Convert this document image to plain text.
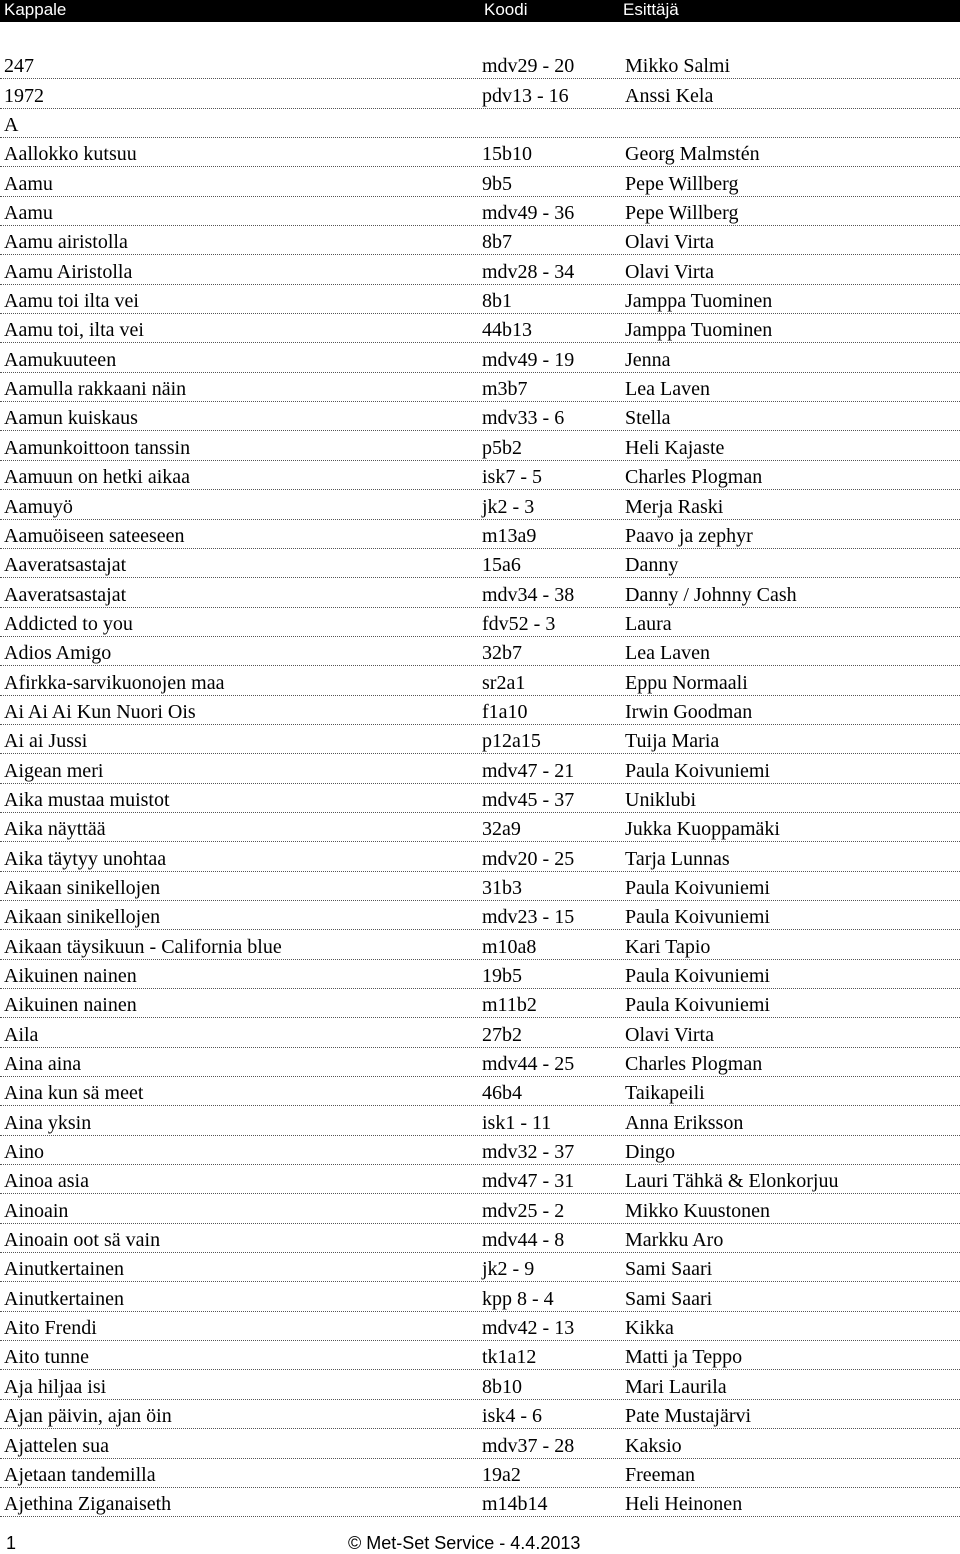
Kappale	Koodi	Esittäjä
247	mdv29 - 20	Mikko Salmi
1972	pdv13 - 16	Anssi Kela
A
Aallokko kutsuu	15b10	Georg Malmstén
Aamu	9b5	Pepe Willberg
Aamu	mdv49 - 36	Pepe Willberg
Aamu airistolla	8b7	Olavi Virta
Aamu Airistolla	mdv28 - 34	Olavi Virta
Aamu toi ilta vei	8b1	Jamppa Tuominen
Aamu toi, ilta vei	44b13	Jamppa Tuominen
Aamukuuteen	mdv49 - 19	Jenna
Aamulla rakkaani näin	m3b7	Lea Laven
Aamun kuiskaus	mdv33 - 6	Stella
Aamunkoittoon tanssin	p5b2	Heli Kajaste
Aamuun on hetki aikaa	isk7 - 5	Charles Plogman
Aamuyö	jk2 - 3	Merja Raski
Aamuöiseen sateeseen	m13a9	Paavo ja zephyr
Aaveratsastajat	15a6	Danny
Aaveratsastajat	mdv34 - 38	Danny / Johnny Cash
Addicted to you	fdv52 - 3	Laura
Adios Amigo	32b7	Lea Laven
Afirkka-sarvikuonojen maa	sr2a1	Eppu Normaali
Ai Ai Ai Kun Nuori Ois	f1a10	Irwin Goodman
Ai ai Jussi	p12a15	Tuija Maria
Aigean meri	mdv47 - 21	Paula Koivuniemi
Aika mustaa muistot	mdv45 - 37	Uniklubi
Aika näyttää	32a9	Jukka Kuoppamäki
Aika täytyy unohtaa	mdv20 - 25	Tarja Lunnas
Aikaan sinikellojen	31b3	Paula Koivuniemi
Aikaan sinikellojen	mdv23 - 15	Paula Koivuniemi
Aikaan täysikuun - California blue	m10a8	Kari Tapio
Aikuinen nainen	19b5	Paula Koivuniemi
Aikuinen nainen	m11b2	Paula Koivuniemi
Aila	27b2	Olavi Virta
Aina aina	mdv44 - 25	Charles Plogman
Aina kun sä meet	46b4	Taikapeili
Aina yksin	isk1 - 11	Anna Eriksson
Aino	mdv32 - 37	Dingo
Ainoa asia	mdv47 - 31	Lauri Tähkä & Elonkorjuu
Ainoain	mdv25 - 2	Mikko Kuustonen
Ainoain oot sä vain	mdv44 - 8	Markku Aro
Ainutkertainen	jk2 - 9	Sami Saari
Ainutkertainen	kpp 8 - 4	Sami Saari
Aito Frendi	mdv42 - 13	Kikka
Aito tunne	tk1a12	Matti ja Teppo
Aja hiljaa isi	8b10	Mari Laurila
Ajan päivin, ajan öin	isk4 - 6	Pate Mustajärvi
Ajattelen sua	mdv37 - 28	Kaksio
Ajetaan tandemilla	19a2	Freeman
Ajethina Ziganaiseth	m14b14	Heli Heinonen
1	© Met-Set Service - 4.4.2013
